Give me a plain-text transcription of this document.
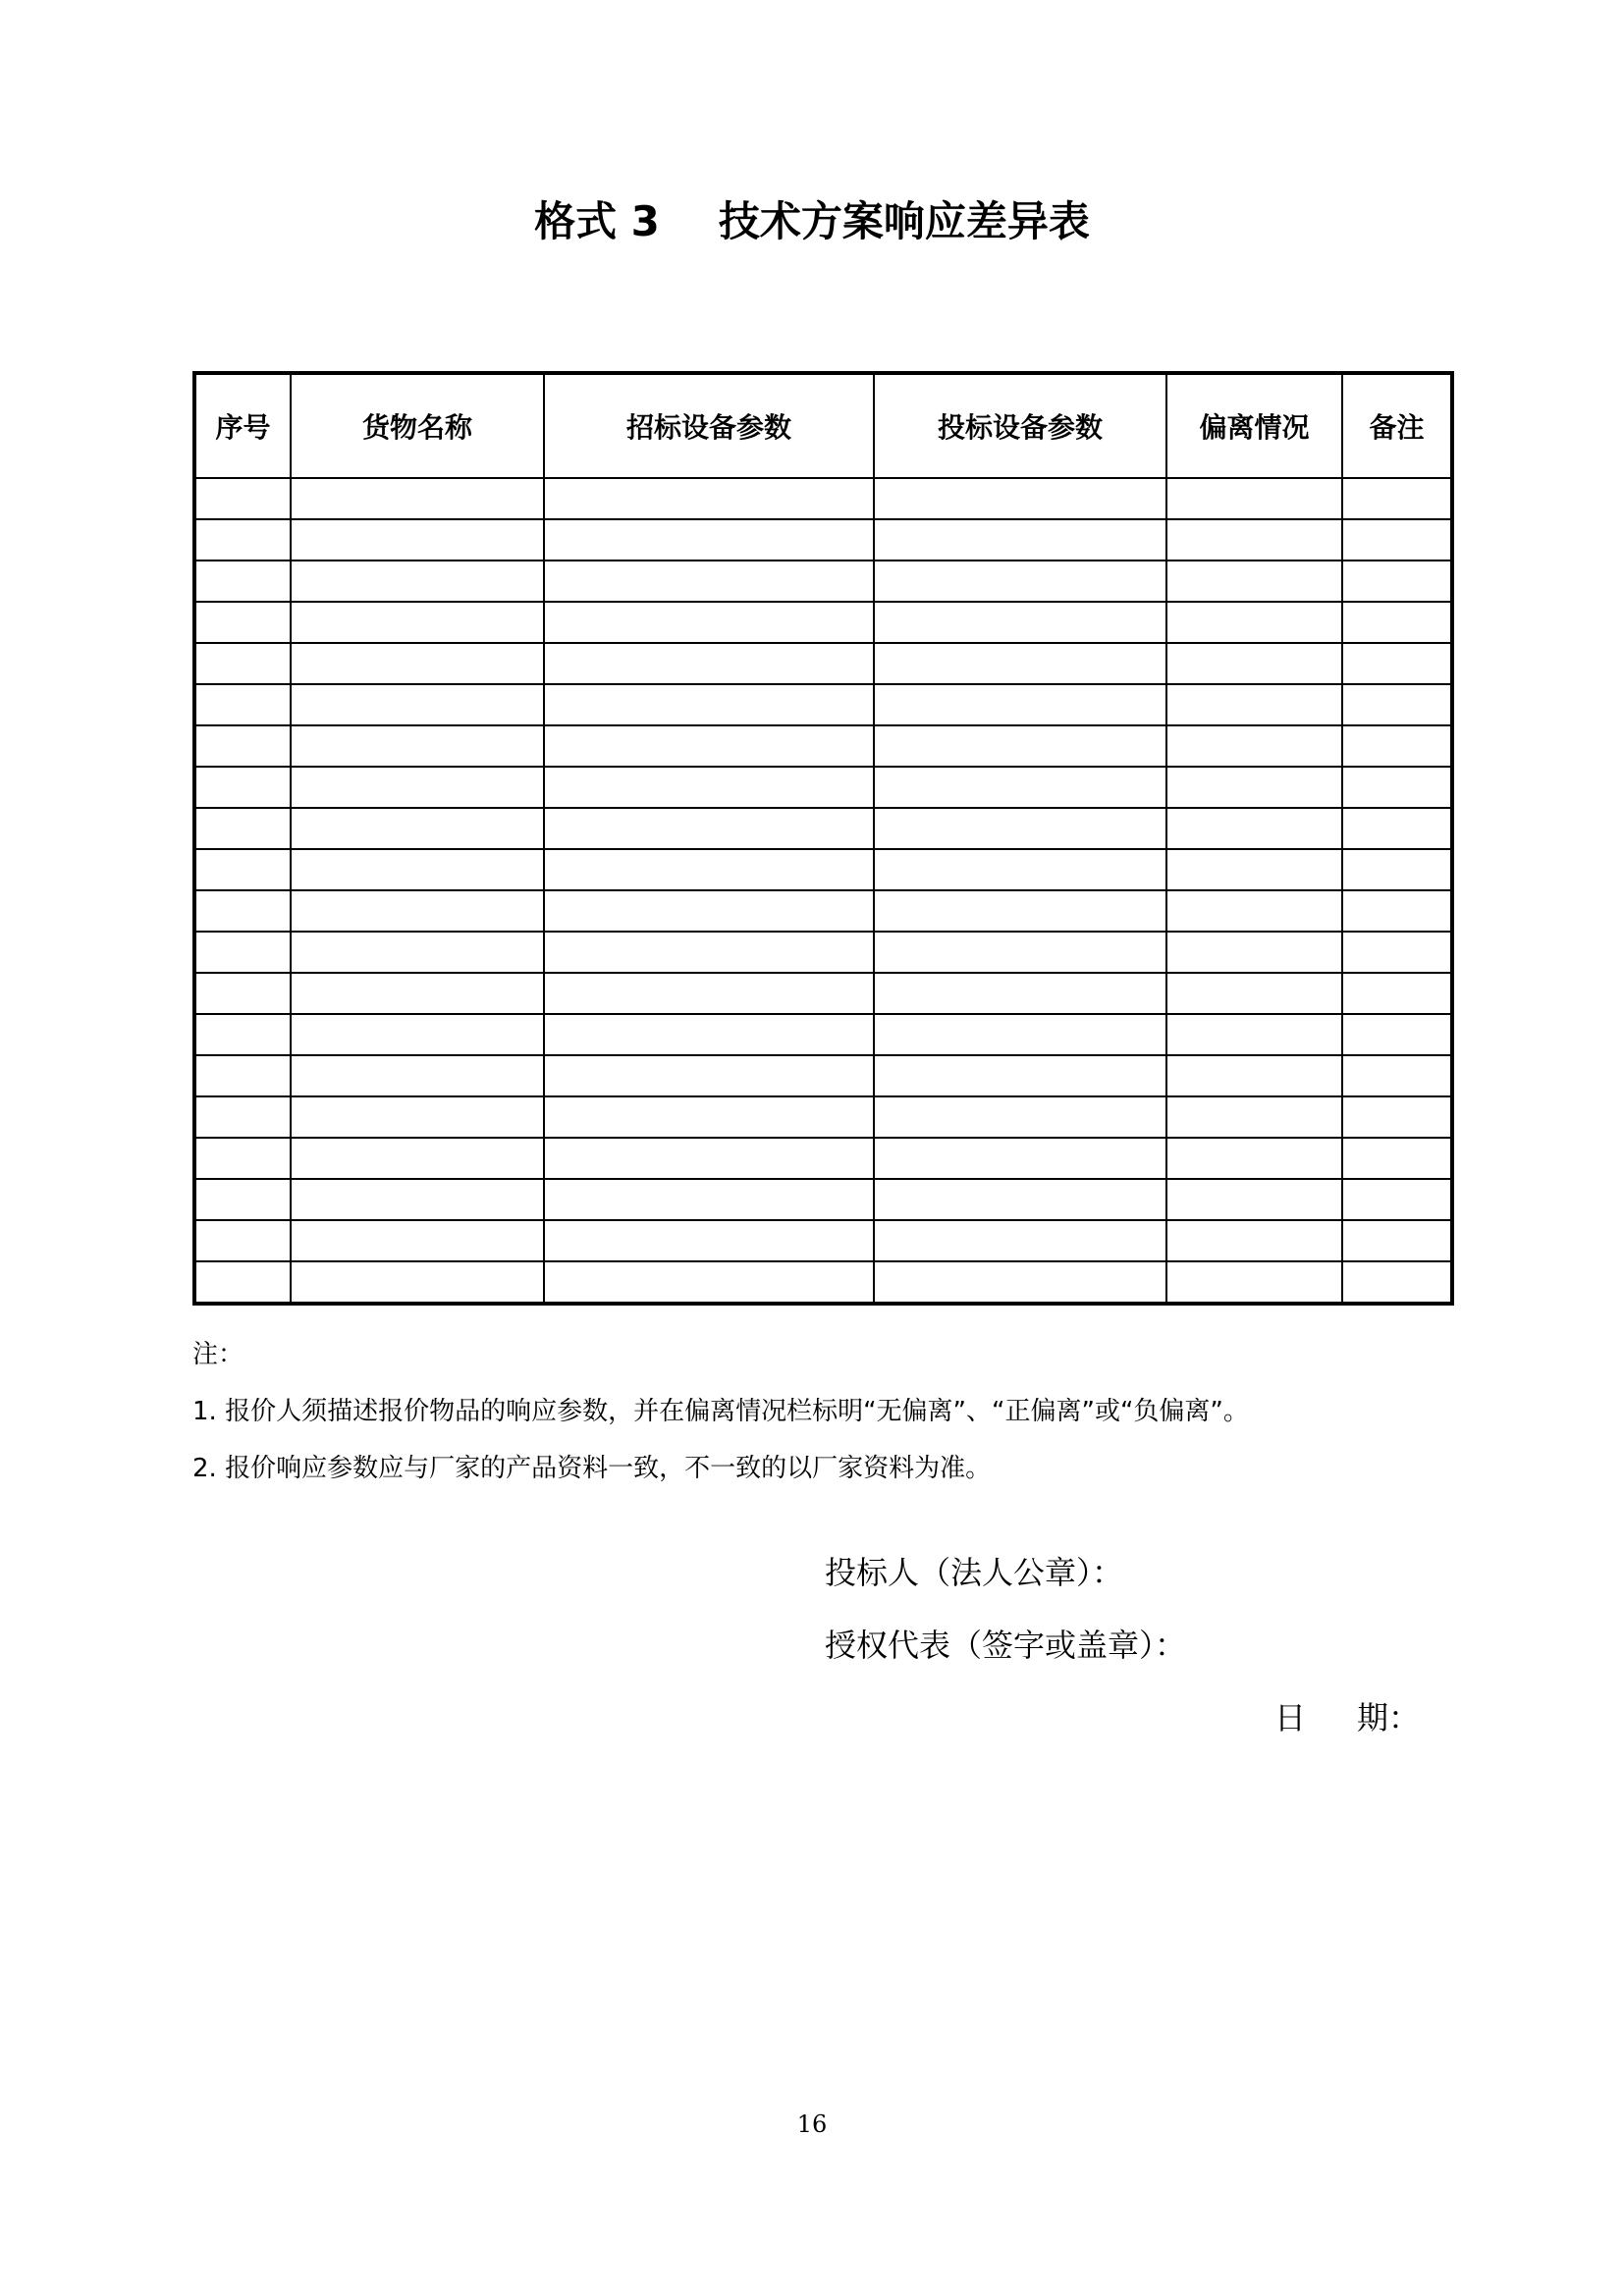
格式 3 技术方案响应差异表
序号	货物名称	招标设备参数	投标设备参数	偏离情况	备注

注：
1. 报价人须描述报价物品的响应参数，并在偏离情况栏标明“无偏离”、“正偏离”或“负偏离”。
2. 报价响应参数应与厂家的产品资料一致，不一致的以厂家资料为准。
投标人（法人公章）：
授权代表（签字或盖章）：
日 期：
16
